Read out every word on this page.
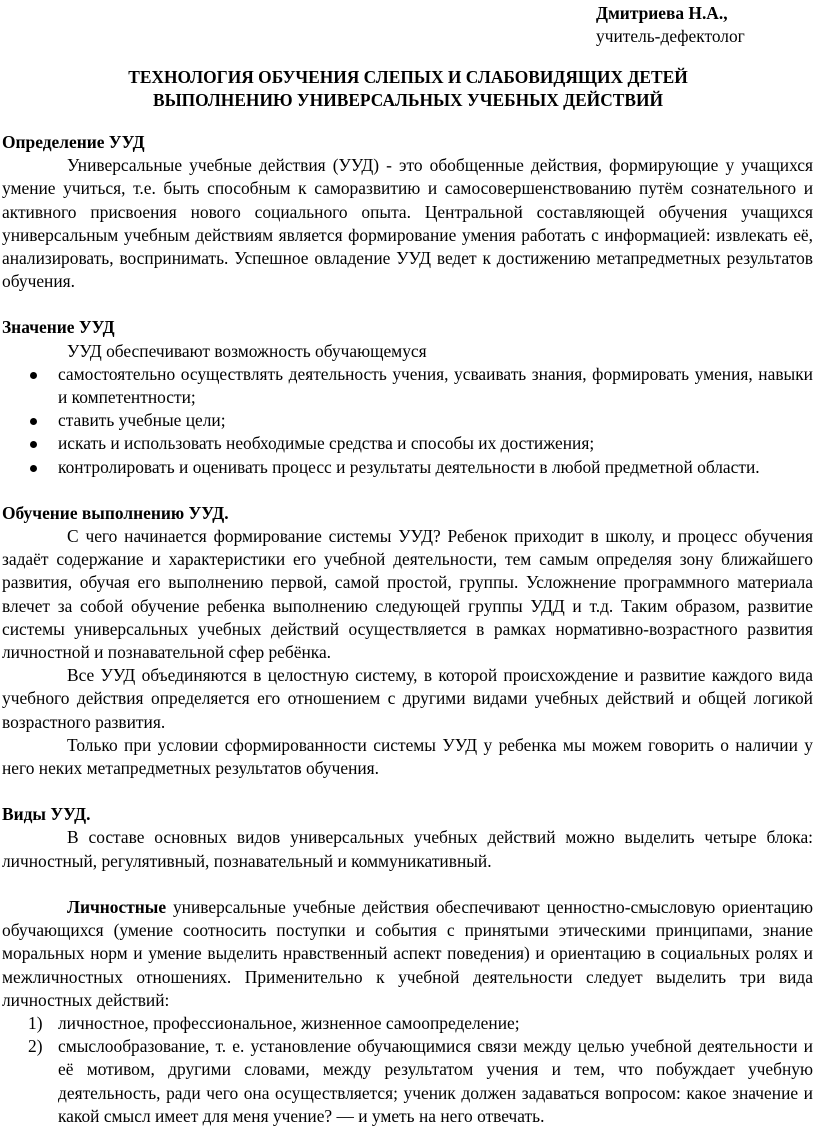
Дмитриева Н.А.,
учитель-дефектолог
ТЕХНОЛОГИЯ ОБУЧЕНИЯ СЛЕПЫХ И СЛАБОВИДЯЩИХ ДЕТЕЙ
ВЫПОЛНЕНИЮ УНИВЕРСАЛЬНЫХ УЧЕБНЫХ ДЕЙСТВИЙ

Определение УУД

Универсальные учебные действия (УУД) - это обобщенные действия, формирующие у учащихся умение учиться, т.е. быть способным к саморазвитию и самосовершенствованию путём сознательного и активного присвоения нового социального опыта. Центральной составляющей обучения учащихся универсальным учебным действиям является формирование умения работать с информацией: извлекать её, анализировать, воспринимать. Успешное овладение УУД ведет к достижению метапредметных результатов обучения.

Значение УУД

УУД обеспечивают возможность обучающемуся

самостоятельно осуществлять деятельность учения, усваивать знания, формировать умения, навыки и компетентности;
ставить учебные цели;
искать и использовать необходимые средства и способы их достижения;
контролировать и оценивать процесс и результаты деятельности в любой предметной области.

Обучение выполнению УУД.

С чего начинается формирование системы УУД? Ребенок приходит в школу, и процесс обучения задаёт содержание и характеристики его учебной деятельности, тем самым определяя зону ближайшего развития, обучая его выполнению первой, самой простой, группы. Усложнение программного материала влечет за собой обучение ребенка выполнению следующей группы УДД и т.д. Таким образом, развитие системы универсальных учебных действий осуществляется в рамках нормативно-возрастного развития личностной и познавательной сфер ребёнка.

Все УУД объединяются в целостную систему, в которой происхождение и развитие каждого вида учебного действия определяется его отношением с другими видами учебных действий и общей логикой возрастного развития.

Только при условии сформированности системы УУД у ребенка мы можем говорить о наличии у него неких метапредметных результатов обучения.

Виды УУД.

В составе основных видов универсальных учебных действий можно выделить четыре блока: личностный, регулятивный, познавательный и коммуникативный.

Личностные универсальные учебные действия обеспечивают ценностно-смысловую ориентацию обучающихся (умение соотносить поступки и события с принятыми этическими принципами, знание моральных норм и умение выделить нравственный аспект поведения) и ориентацию в социальных ролях и межличностных отношениях. Применительно к учебной деятельности следует выделить три вида личностных действий:

1) личностное, профессиональное, жизненное самоопределение;
2) смыслообразование, т. е. установление обучающимися связи между целью учебной деятельности и её мотивом, другими словами, между результатом учения и тем, что побуждает учебную деятельность, ради чего она осуществляется; ученик должен задаваться вопросом: какое значение и какой смысл имеет для меня учение? — и уметь на него отвечать.
